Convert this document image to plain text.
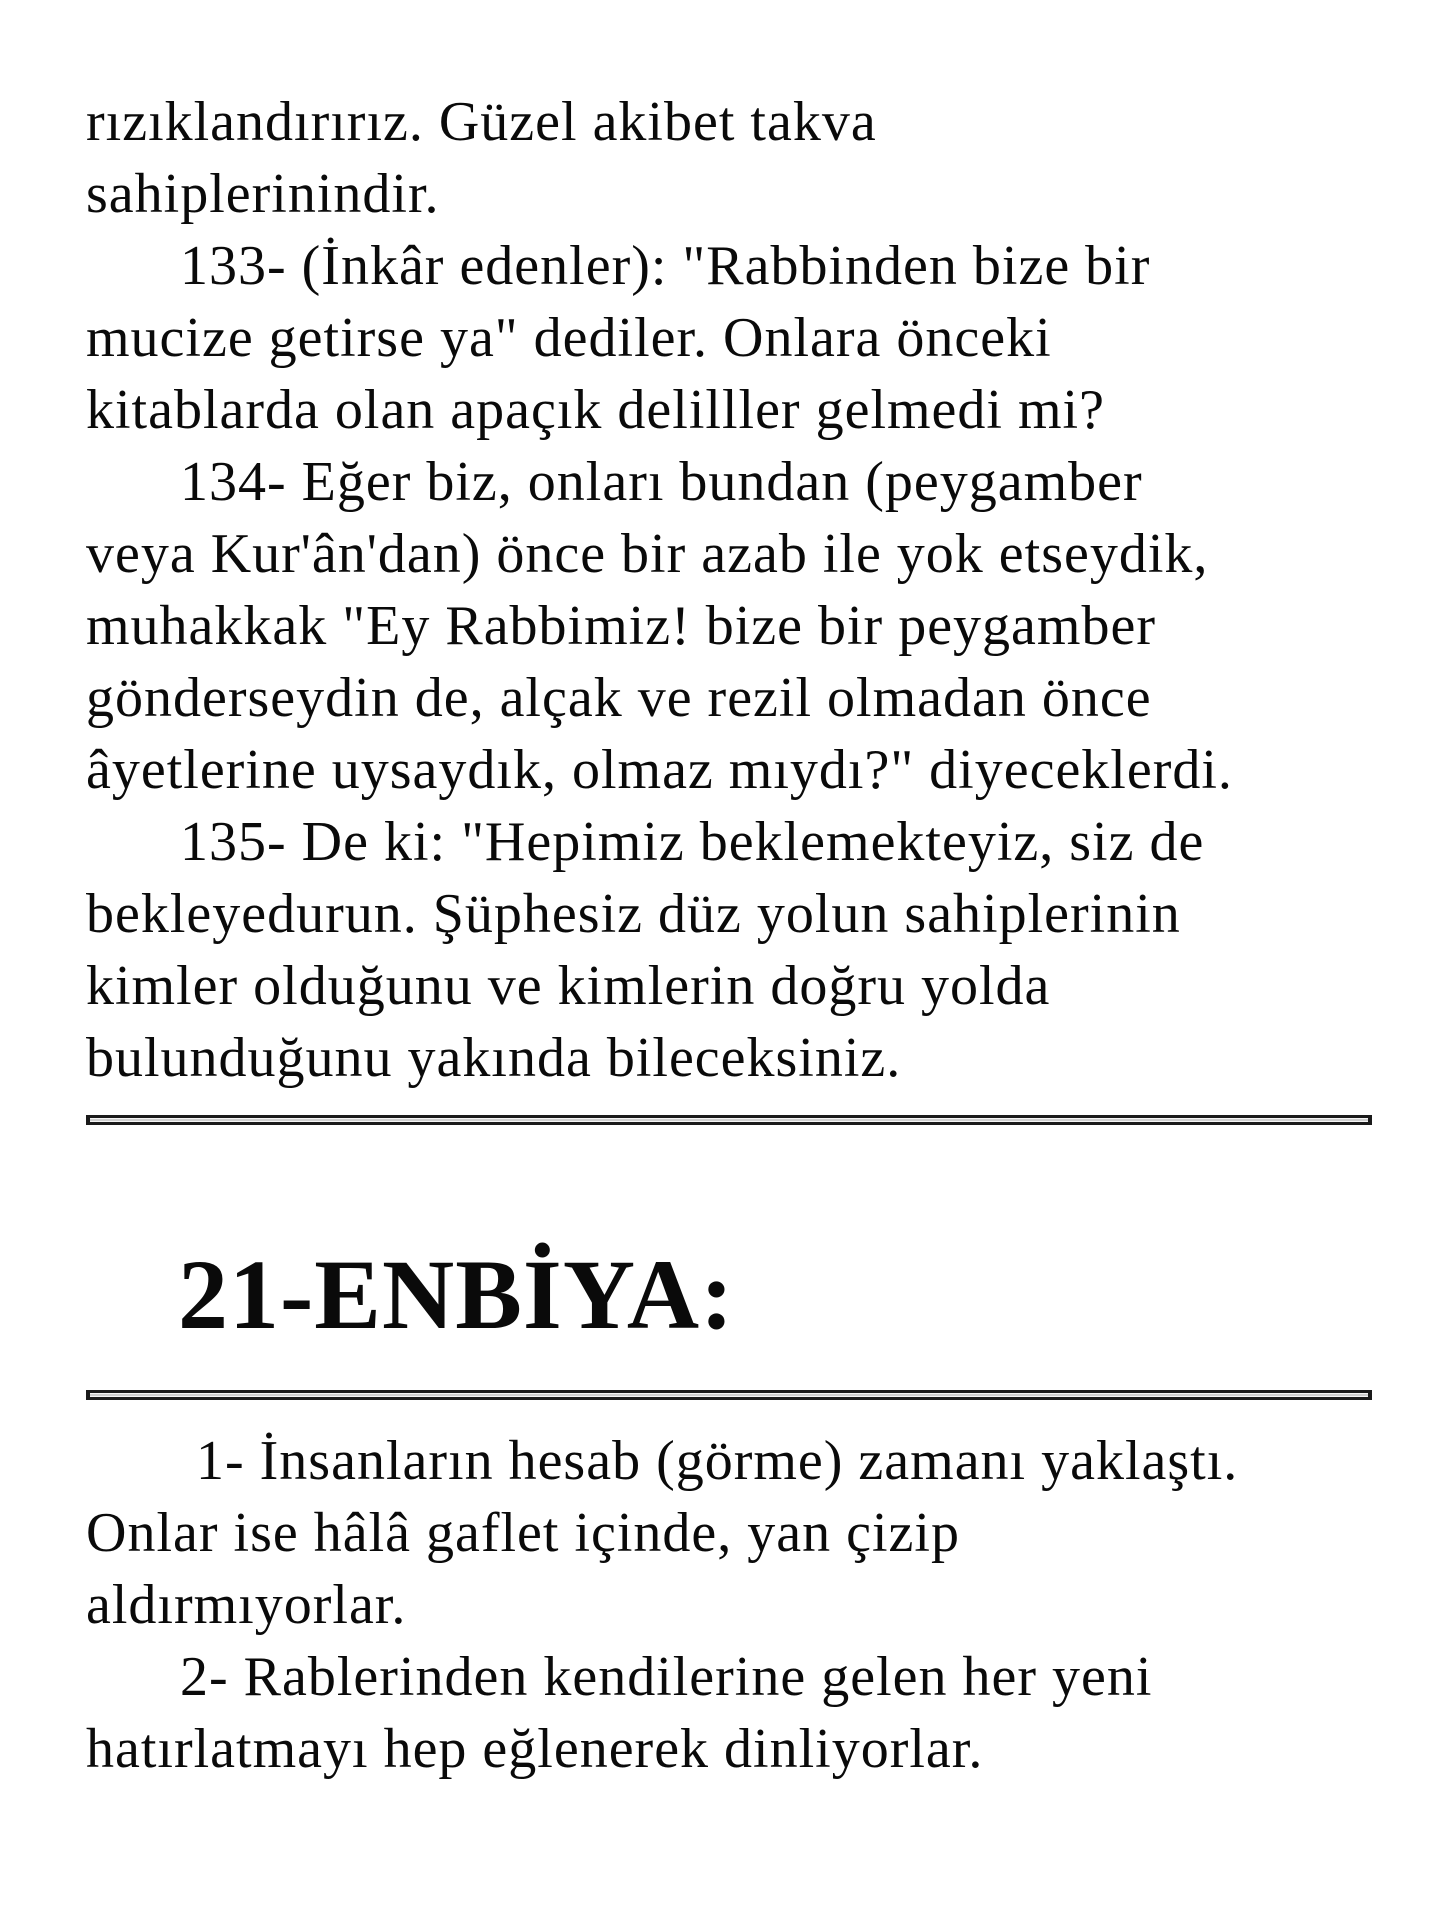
rızıklandırırız. Güzel akibet takva
sahiplerinindir.
133- (İnkâr edenler): "Rabbinden bize bir
mucize getirse ya" dediler. Onlara önceki
kitablarda olan apaçık delilller gelmedi mi?
134- Eğer biz, onları bundan (peygamber
veya Kur'ân'dan) önce bir azab ile yok etseydik,
muhakkak "Ey Rabbimiz! bize bir peygamber
gönderseydin de, alçak ve rezil olmadan önce
âyetlerine uysaydık, olmaz mıydı?" diyeceklerdi.
135- De ki: "Hepimiz beklemekteyiz, siz de
bekleyedurun. Şüphesiz düz yolun sahiplerinin
kimler olduğunu ve kimlerin doğru yolda
bulunduğunu yakında bileceksiniz.
21-ENBİYA:
1- İnsanların hesab (görme) zamanı yaklaştı.
Onlar ise hâlâ gaflet içinde, yan çizip
aldırmıyorlar.
2- Rablerinden kendilerine gelen her yeni
hatırlatmayı hep eğlenerek dinliyorlar.
